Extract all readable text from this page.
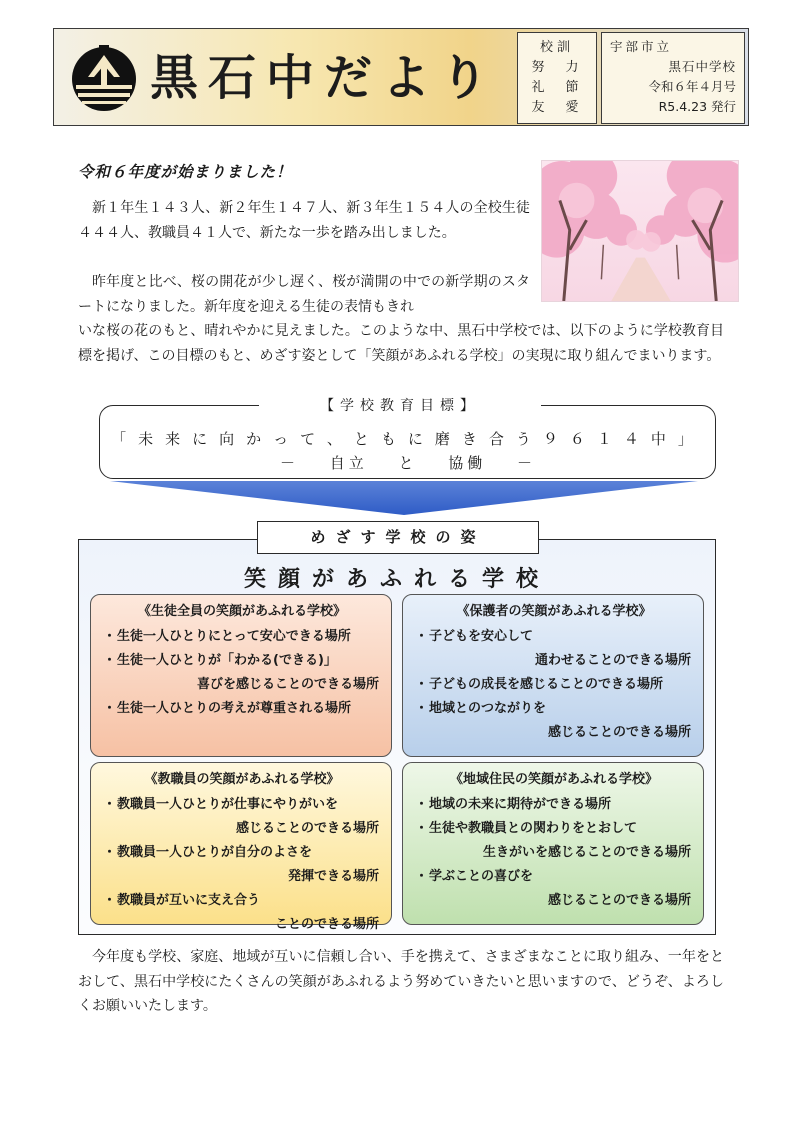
黒石中だより
校訓
努　力
礼　節
友　愛
宇部市立
黒石中学校
令和６年４月号
R5.4.23 発行
令和６年度が始まりました！
新１年生１４３人、新２年生１４７人、新３年生１５４人の全校生徒４４４人、教職員４１人で、新たな一歩を踏み出しました。
昨年度と比べ、桜の開花が少し遅く、桜が満開の中での新学期のスタートになりました。新年度を迎える生徒の表情もきれ
いな桜の花のもと、晴れやかに見えました。このような中、黒石中学校では、以下のように学校教育目標を掲げ、この目標のもと、めざす姿として「笑顔があふれる学校」の実現に取り組んでまいります。
【学校教育目標】
「未来に向かって、ともに磨き合う９６１４中」
－ 自立 と 協働 －
めざす学校の姿
笑顔があふれる学校
《生徒全員の笑顔があふれる学校》
・生徒一人ひとりにとって安心できる場所
・生徒一人ひとりが「わかる(できる)」
喜びを感じることのできる場所
・生徒一人ひとりの考えが尊重される場所
《保護者の笑顔があふれる学校》
・子どもを安心して
通わせることのできる場所
・子どもの成長を感じることのできる場所
・地域とのつながりを
感じることのできる場所
《教職員の笑顔があふれる学校》
・教職員一人ひとりが仕事にやりがいを
感じることのできる場所
・教職員一人ひとりが自分のよさを
発揮できる場所
・教職員が互いに支え合う
ことのできる場所
《地域住民の笑顔があふれる学校》
・地域の未来に期待ができる場所
・生徒や教職員との関わりをとおして
生きがいを感じることのできる場所
・学ぶことの喜びを
感じることのできる場所
今年度も学校、家庭、地域が互いに信頼し合い、手を携えて、さまざまなことに取り組み、一年をとおして、黒石中学校にたくさんの笑顔があふれるよう努めていきたいと思いますので、どうぞ、よろしくお願いいたします。
